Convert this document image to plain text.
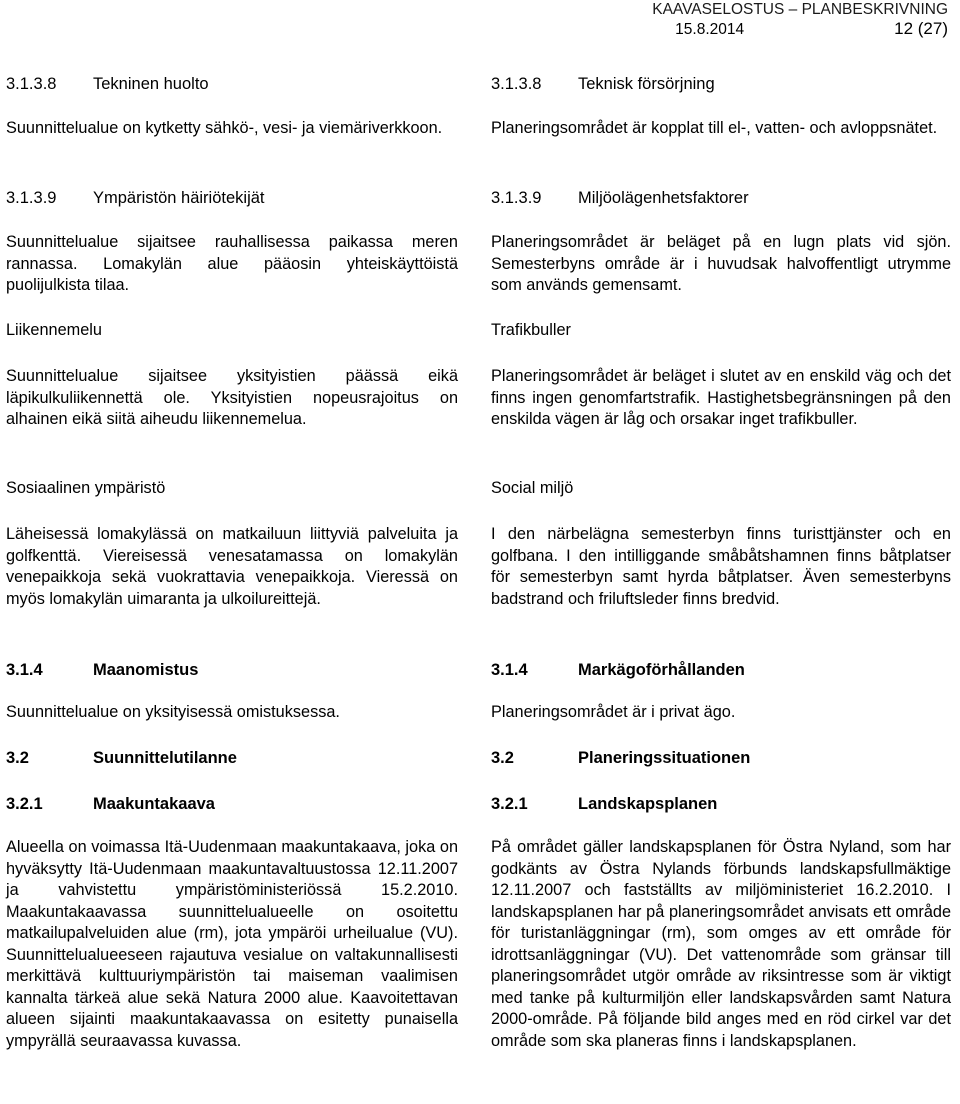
KAAVASELOSTUS – PLANBESKRIVNING
15.8.2014	12 (27)
3.1.3.8 Tekninen huolto

Suunnittelualue on kytketty sähkö-, vesi- ja viemäriverkkoon.

3.1.3.9 Ympäristön häiriötekijät

Suunnittelualue sijaitsee rauhallisessa paikassa meren rannassa. Lomakylän alue pääosin yhteiskäyttöistä puolijulkista tilaa.

Liikennemelu

Suunnittelualue sijaitsee yksityistien päässä eikä läpikulkuliikennettä ole. Yksityistien nopeusrajoitus on alhainen eikä siitä aiheudu liikennemelua.

Sosiaalinen ympäristö

Läheisessä lomakylässä on matkailuun liittyviä palveluita ja golfkenttä. Viereisessä venesatamassa on lomakylän venepaikkoja sekä vuokrattavia venepaikkoja. Vieressä on myös lomakylän uimaranta ja ulkoilureittejä.

3.1.4	Maanomistus

Suunnittelualue on yksityisessä omistuksessa.

3.2	Suunnittelutilanne
3.2.1	Maakuntakaava

Alueella on voimassa Itä-Uudenmaan maakuntakaava, joka on hyväksytty Itä-Uudenmaan maakuntavaltuustossa 12.11.2007 ja vahvistettu ympäristöministeriössä 15.2.2010. Maakuntakaavassa suunnittelualueelle on osoitettu matkailupalveluiden alue (rm), jota ympäröi urheilualue (VU). Suunnittelualueeseen rajautuva vesialue on valtakunnallisesti merkittävä kulttuuriympäristön tai maiseman vaalimisen kannalta tärkeä alue sekä Natura 2000 alue. Kaavoitettavan alueen sijainti maakuntakaavassa on esitetty punaisella ympyrällä seuraavassa kuvassa.

3.1.3.8 Teknisk försörjning

Planeringsområdet är kopplat till el-, vatten- och avloppsnätet.

3.1.3.9 Miljöolägenhetsfaktorer

Planeringsområdet är beläget på en lugn plats vid sjön. Semesterbyns område är i huvudsak halvoffentligt utrymme som används gemensamt.

Trafikbuller

Planeringsområdet är beläget i slutet av en enskild väg och det finns ingen genomfartstrafik. Hastighetsbegränsningen på den enskilda vägen är låg och orsakar inget trafikbuller.

Social miljö

I den närbelägna semesterbyn finns turisttjänster och en golfbana. I den intilliggande småbåtshamnen finns båtplatser för semesterbyn samt hyrda båtplatser. Även semesterbyns badstrand och friluftsleder finns bredvid.

3.1.4	Markägoförhållanden

Planeringsområdet är i privat ägo.

3.2	Planeringssituationen
3.2.1	Landskapsplanen

På området gäller landskapsplanen för Östra Nyland, som har godkänts av Östra Nylands förbunds landskapsfullmäktige 12.11.2007 och fastställts av miljöministeriet 16.2.2010. I landskapsplanen har på planeringsområdet anvisats ett område för turistanläggningar (rm), som omges av ett område för idrottsanläggningar (VU). Det vattenområde som gränsar till planeringsområdet utgör område av riksintresse som är viktigt med tanke på kulturmiljön eller landskapsvården samt Natura 2000-område. På följande bild anges med en röd cirkel var det område som ska planeras finns i landskapsplanen.
